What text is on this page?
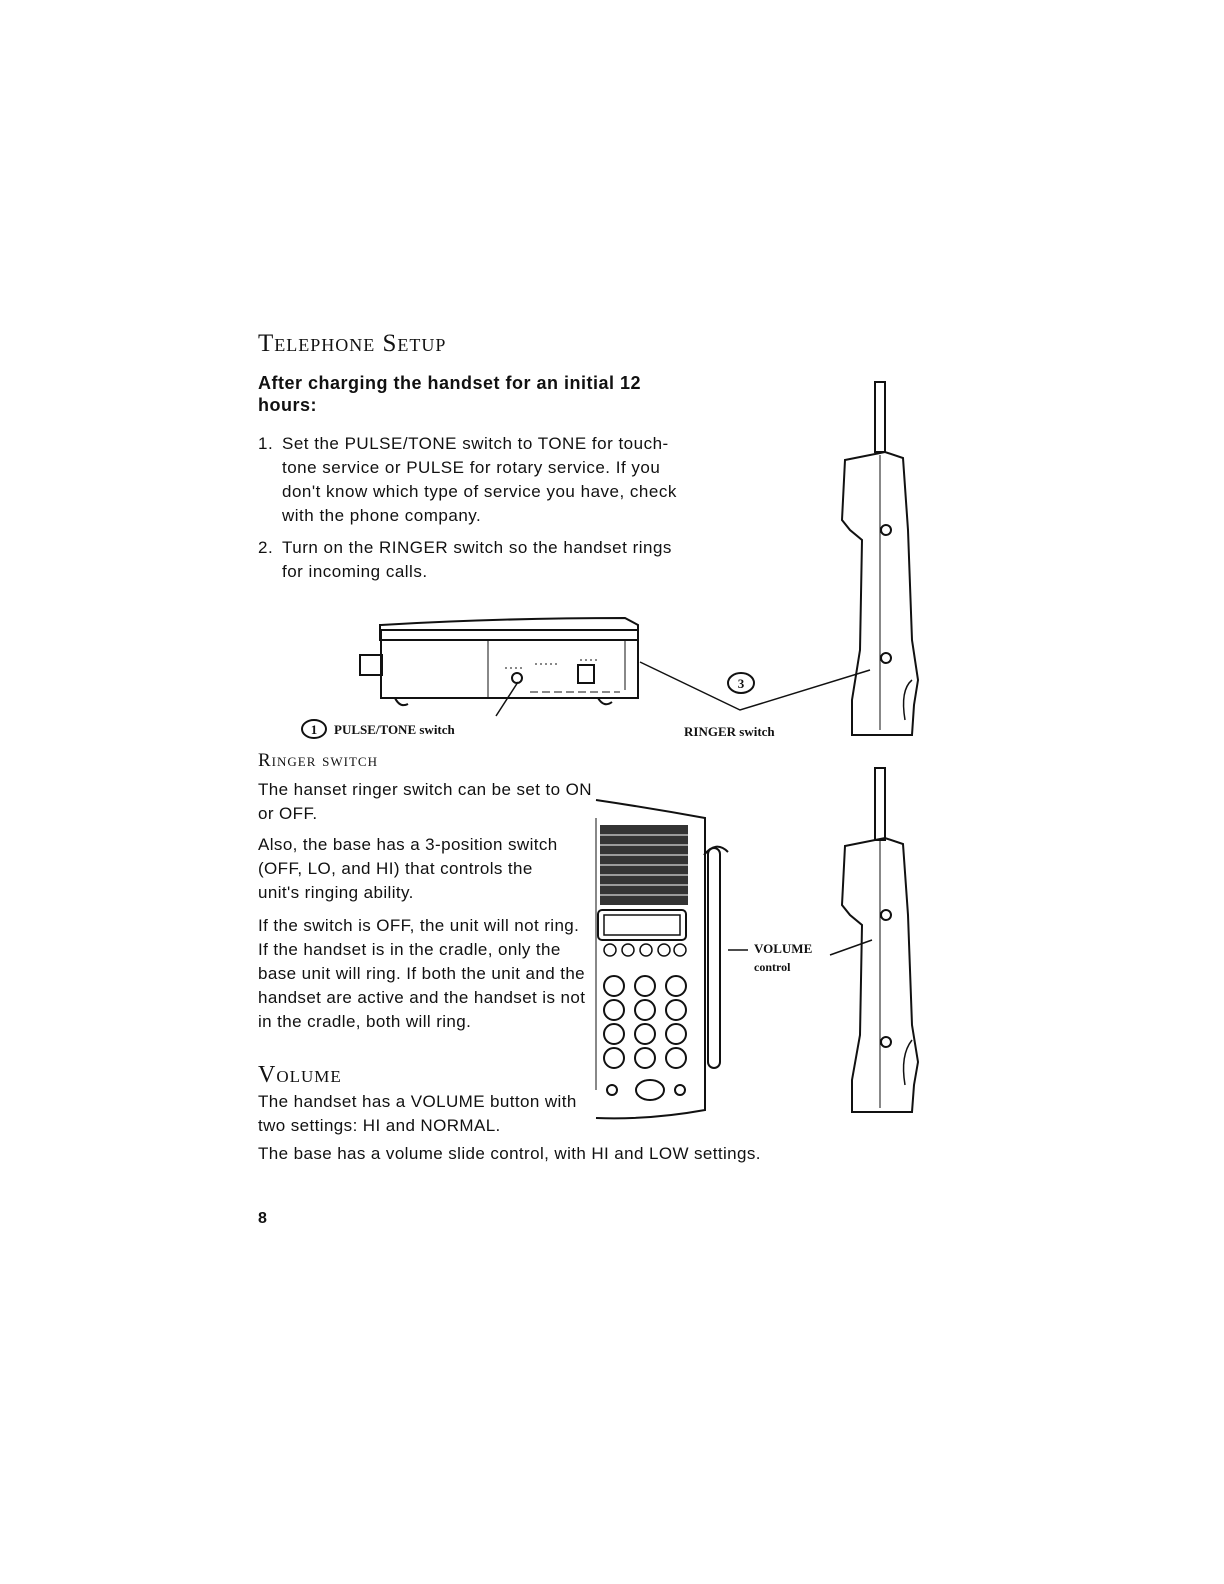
Telephone Setup
After charging the handset for an initial 12 hours:
1. Set the PULSE/TONE switch to TONE for touch-tone service or PULSE for rotary service. If you don't know which type of service you have, check with the phone company.
2. Turn on the RINGER switch so the handset rings for incoming calls.
Ringer switch
The hanset ringer switch can be set to ON or OFF.
Also, the base has a 3-position switch (OFF, LO, and HI) that controls the unit's ringing ability.
If the switch is OFF, the unit will not ring. If the handset is in the cradle, only the base unit will ring. If both the unit and the handset are active and the handset is not in the cradle, both will ring.
Volume
The handset has a VOLUME button with two settings: HI and NORMAL.
The base has a volume slide control, with HI and LOW settings.
8
1
3
PULSE/TONE switch	RINGER switch
VOLUME
control
